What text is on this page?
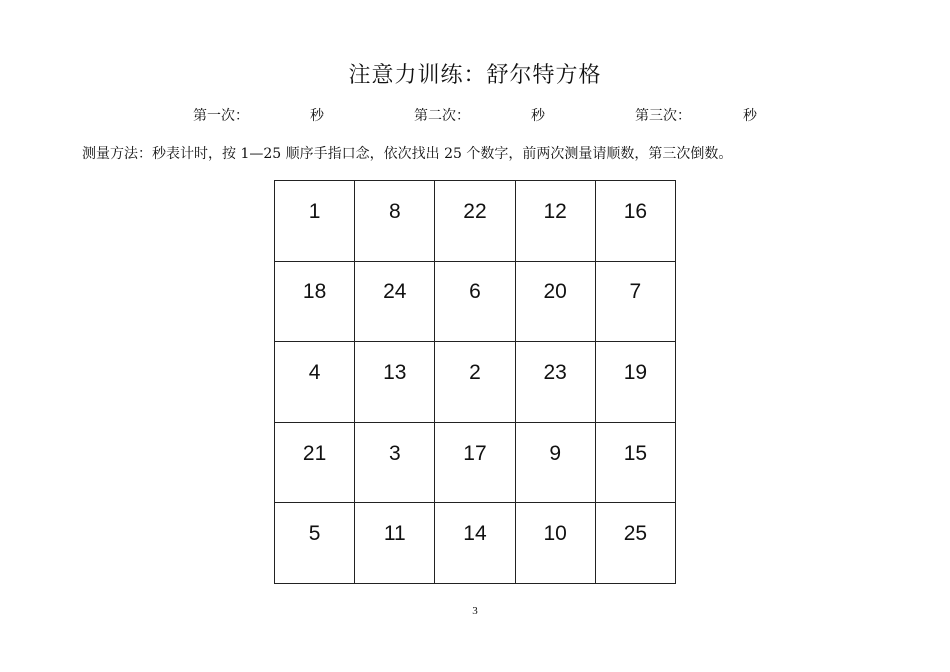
注意力训练：舒尔特方格
第一次：	秒	第二次：	秒	第三次：	秒
测量方法：秒表计时，按 1—25 顺序手指口念，依次找出 25 个数字，前两次测量请顺数，第三次倒数。
1	8	22	12	16
18	24	6	20	7
4	13	2	23	19
21	3	17	9	15
5	11	14	10	25
3
